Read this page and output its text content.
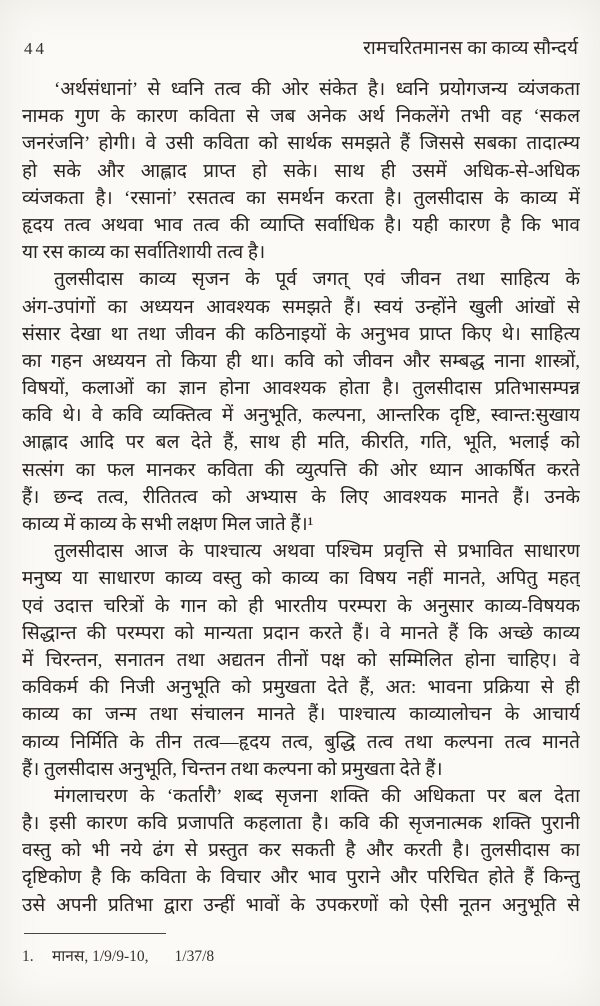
44	रामचरितमानस का काव्य सौन्दर्य
‘अर्थसंधानां’ से ध्वनि तत्व की ओर संकेत है। ध्वनि प्रयोगजन्य व्यंजकता
नामक गुण के कारण कविता से जब अनेक अर्थ निकलेंगे तभी वह ‘सकल
जनरंजनि’ होगी। वे उसी कविता को सार्थक समझते हैं जिससे सबका तादात्म्य
हो सके और आह्लाद प्राप्त हो सके। साथ ही उसमें अधिक-से-अधिक
व्यंजकता है। ‘रसानां’ रसतत्व का समर्थन करता है। तुलसीदास के काव्य में
हृदय तत्व अथवा भाव तत्व की व्याप्ति सर्वाधिक है। यही कारण है कि भाव
या रस काव्य का सर्वातिशायी तत्व है।
तुलसीदास काव्य सृजन के पूर्व जगत् एवं जीवन तथा साहित्य के
अंग-उपांगों का अध्ययन आवश्यक समझते हैं। स्वयं उन्होंने खुली आंखों से
संसार देखा था तथा जीवन की कठिनाइयों के अनुभव प्राप्त किए थे। साहित्य
का गहन अध्ययन तो किया ही था। कवि को जीवन और सम्बद्ध नाना शास्त्रों,
विषयों, कलाओं का ज्ञान होना आवश्यक होता है। तुलसीदास प्रतिभासम्पन्न
कवि थे। वे कवि व्यक्तित्व में अनुभूति, कल्पना, आन्तरिक दृष्टि, स्वान्त:सुखाय
आह्लाद आदि पर बल देते हैं, साथ ही मति, कीरति, गति, भूति, भलाई को
सत्संग का फल मानकर कविता की व्युत्पत्ति की ओर ध्यान आकर्षित करते
हैं। छन्द तत्व, रीतितत्व को अभ्यास के लिए आवश्यक मानते हैं। उनके
काव्य में काव्य के सभी लक्षण मिल जाते हैं।¹
तुलसीदास आज के पाश्चात्य अथवा पश्चिम प्रवृत्ति से प्रभावित साधारण
मनुष्य या साधारण काव्य वस्तु को काव्य का विषय नहीं मानते, अपितु महत्
एवं उदात्त चरित्रों के गान को ही भारतीय परम्परा के अनुसार काव्य-विषयक
सिद्धान्त की परम्परा को मान्यता प्रदान करते हैं। वे मानते हैं कि अच्छे काव्य
में चिरन्तन, सनातन तथा अद्यतन तीनों पक्ष को सम्मिलित होना चाहिए। वे
कविकर्म की निजी अनुभूति को प्रमुखता देते हैं, अत: भावना प्रक्रिया से ही
काव्य का जन्म तथा संचालन मानते हैं। पाश्चात्य काव्यालोचन के आचार्य
काव्य निर्मिति के तीन तत्व—हृदय तत्व, बुद्धि तत्व तथा कल्पना तत्व मानते
हैं। तुलसीदास अनुभूति, चिन्तन तथा कल्पना को प्रमुखता देते हैं।
मंगलाचरण के ‘कर्तारौ’ शब्द सृजना शक्ति की अधिकता पर बल देता
है। इसी कारण कवि प्रजापति कहलाता है। कवि की सृजनात्मक शक्ति पुरानी
वस्तु को भी नये ढंग से प्रस्तुत कर सकती है और करती है। तुलसीदास का
दृष्टिकोण है कि कविता के विचार और भाव पुराने और परिचित होते हैं किन्तु
उसे अपनी प्रतिभा द्वारा उन्हीं भावों के उपकरणों को ऐसी नूतन अनुभूति से
1.	मानस, 1/9/9-10, 1/37/8
